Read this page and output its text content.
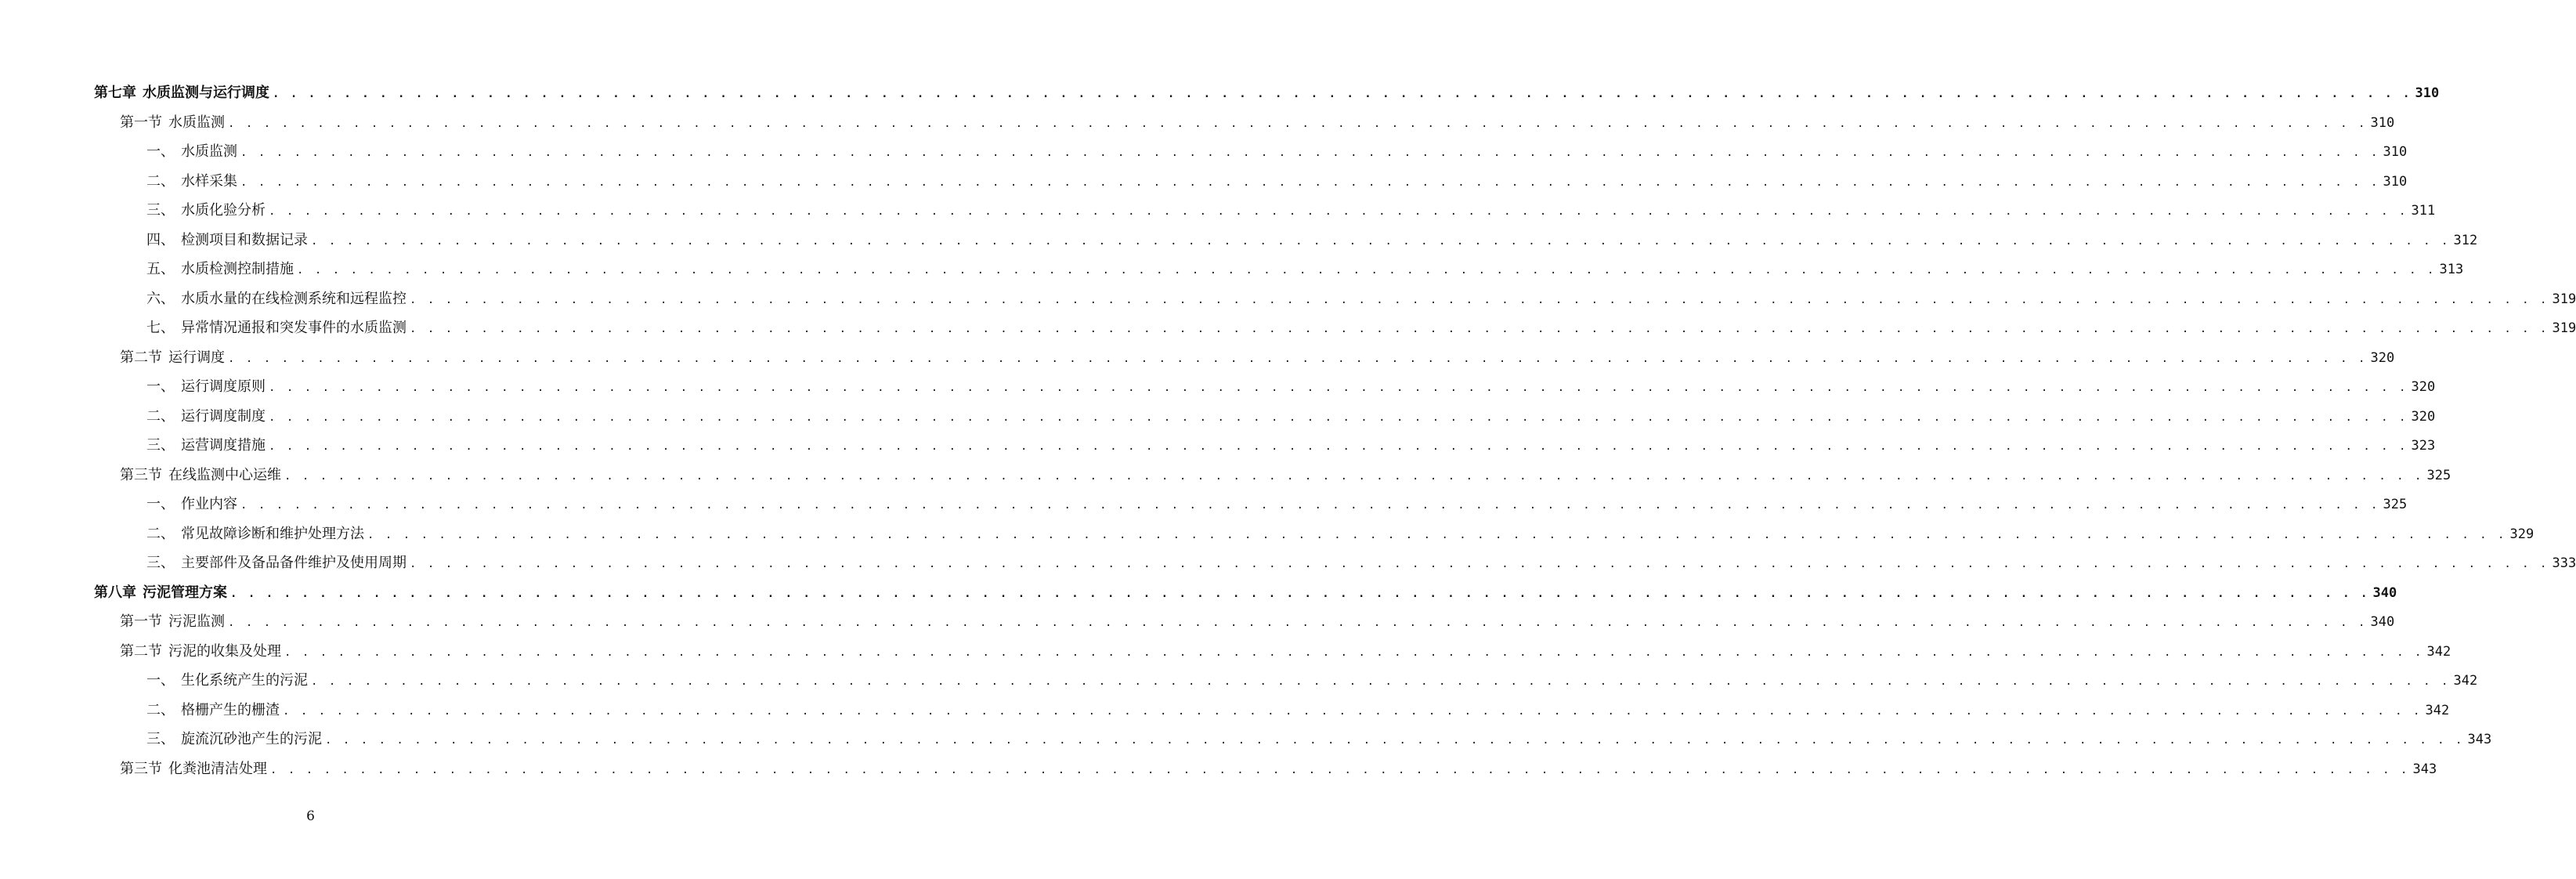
第七章 水质监测与运行调度 . . . . . . . . . . . . . . . . . . . . . . . . . . . . . . . . . . . . . . . . . . . . . . . . . . . . . . . . . . . . . . . . . . . . . . . . . . . . . . . . . . . . . . . . . . . . . . . . . . . . . . . . . . . . . . . . . . . . . . . . 310
第一节 水质监测 . . . . . . . . . . . . . . . . . . . . . . . . . . . . . . . . . . . . . . . . . . . . . . . . . . . . . . . . . . . . . . . . . . . . . . . . . . . . . . . . . . . . . . . . . . . . . . . . . . . . . . . . . . . . . . . . . . . . . . . . 310
一、 水质监测 . . . . . . . . . . . . . . . . . . . . . . . . . . . . . . . . . . . . . . . . . . . . . . . . . . . . . . . . . . . . . . . . . . . . . . . . . . . . . . . . . . . . . . . . . . . . . . . . . . . . . . . . . . . . . . . . . . . . . . . . 310
二、 水样采集 . . . . . . . . . . . . . . . . . . . . . . . . . . . . . . . . . . . . . . . . . . . . . . . . . . . . . . . . . . . . . . . . . . . . . . . . . . . . . . . . . . . . . . . . . . . . . . . . . . . . . . . . . . . . . . . . . . . . . . . . 310
三、 水质化验分析 . . . . . . . . . . . . . . . . . . . . . . . . . . . . . . . . . . . . . . . . . . . . . . . . . . . . . . . . . . . . . . . . . . . . . . . . . . . . . . . . . . . . . . . . . . . . . . . . . . . . . . . . . . . . . . . . . . . . . . . . 311
四、 检测项目和数据记录 . . . . . . . . . . . . . . . . . . . . . . . . . . . . . . . . . . . . . . . . . . . . . . . . . . . . . . . . . . . . . . . . . . . . . . . . . . . . . . . . . . . . . . . . . . . . . . . . . . . . . . . . . . . . . . . . . . . . . . . . 312
五、 水质检测控制措施 . . . . . . . . . . . . . . . . . . . . . . . . . . . . . . . . . . . . . . . . . . . . . . . . . . . . . . . . . . . . . . . . . . . . . . . . . . . . . . . . . . . . . . . . . . . . . . . . . . . . . . . . . . . . . . . . . . . . . . . . 313
六、 水质水量的在线检测系统和远程监控 . . . . . . . . . . . . . . . . . . . . . . . . . . . . . . . . . . . . . . . . . . . . . . . . . . . . . . . . . . . . . . . . . . . . . . . . . . . . . . . . . . . . . . . . . . . . . . . . . . . . . . . . . . . . . . . . . . . . . . . . 319
七、 异常情况通报和突发事件的水质监测 . . . . . . . . . . . . . . . . . . . . . . . . . . . . . . . . . . . . . . . . . . . . . . . . . . . . . . . . . . . . . . . . . . . . . . . . . . . . . . . . . . . . . . . . . . . . . . . . . . . . . . . . . . . . . . . . . . . . . . . . 319
第二节 运行调度 . . . . . . . . . . . . . . . . . . . . . . . . . . . . . . . . . . . . . . . . . . . . . . . . . . . . . . . . . . . . . . . . . . . . . . . . . . . . . . . . . . . . . . . . . . . . . . . . . . . . . . . . . . . . . . . . . . . . . . . . 320
一、 运行调度原则 . . . . . . . . . . . . . . . . . . . . . . . . . . . . . . . . . . . . . . . . . . . . . . . . . . . . . . . . . . . . . . . . . . . . . . . . . . . . . . . . . . . . . . . . . . . . . . . . . . . . . . . . . . . . . . . . . . . . . . . . 320
二、 运行调度制度 . . . . . . . . . . . . . . . . . . . . . . . . . . . . . . . . . . . . . . . . . . . . . . . . . . . . . . . . . . . . . . . . . . . . . . . . . . . . . . . . . . . . . . . . . . . . . . . . . . . . . . . . . . . . . . . . . . . . . . . . 320
三、 运营调度措施 . . . . . . . . . . . . . . . . . . . . . . . . . . . . . . . . . . . . . . . . . . . . . . . . . . . . . . . . . . . . . . . . . . . . . . . . . . . . . . . . . . . . . . . . . . . . . . . . . . . . . . . . . . . . . . . . . . . . . . . . 323
第三节 在线监测中心运维 . . . . . . . . . . . . . . . . . . . . . . . . . . . . . . . . . . . . . . . . . . . . . . . . . . . . . . . . . . . . . . . . . . . . . . . . . . . . . . . . . . . . . . . . . . . . . . . . . . . . . . . . . . . . . . . . . . . . . . . . 325
一、 作业内容 . . . . . . . . . . . . . . . . . . . . . . . . . . . . . . . . . . . . . . . . . . . . . . . . . . . . . . . . . . . . . . . . . . . . . . . . . . . . . . . . . . . . . . . . . . . . . . . . . . . . . . . . . . . . . . . . . . . . . . . . 325
二、 常见故障诊断和维护处理方法 . . . . . . . . . . . . . . . . . . . . . . . . . . . . . . . . . . . . . . . . . . . . . . . . . . . . . . . . . . . . . . . . . . . . . . . . . . . . . . . . . . . . . . . . . . . . . . . . . . . . . . . . . . . . . . . . . . . . . . . . 329
三、 主要部件及备品备件维护及使用周期 . . . . . . . . . . . . . . . . . . . . . . . . . . . . . . . . . . . . . . . . . . . . . . . . . . . . . . . . . . . . . . . . . . . . . . . . . . . . . . . . . . . . . . . . . . . . . . . . . . . . . . . . . . . . . . . . . . . . . . . . 333
第八章 污泥管理方案 . . . . . . . . . . . . . . . . . . . . . . . . . . . . . . . . . . . . . . . . . . . . . . . . . . . . . . . . . . . . . . . . . . . . . . . . . . . . . . . . . . . . . . . . . . . . . . . . . . . . . . . . . . . . . . . . . . . . . . . . 340
第一节 污泥监测 . . . . . . . . . . . . . . . . . . . . . . . . . . . . . . . . . . . . . . . . . . . . . . . . . . . . . . . . . . . . . . . . . . . . . . . . . . . . . . . . . . . . . . . . . . . . . . . . . . . . . . . . . . . . . . . . . . . . . . . . 340
第二节 污泥的收集及处理 . . . . . . . . . . . . . . . . . . . . . . . . . . . . . . . . . . . . . . . . . . . . . . . . . . . . . . . . . . . . . . . . . . . . . . . . . . . . . . . . . . . . . . . . . . . . . . . . . . . . . . . . . . . . . . . . . . . . . . . . 342
一、 生化系统产生的污泥 . . . . . . . . . . . . . . . . . . . . . . . . . . . . . . . . . . . . . . . . . . . . . . . . . . . . . . . . . . . . . . . . . . . . . . . . . . . . . . . . . . . . . . . . . . . . . . . . . . . . . . . . . . . . . . . . . . . . . . . . 342
二、 格栅产生的栅渣 . . . . . . . . . . . . . . . . . . . . . . . . . . . . . . . . . . . . . . . . . . . . . . . . . . . . . . . . . . . . . . . . . . . . . . . . . . . . . . . . . . . . . . . . . . . . . . . . . . . . . . . . . . . . . . . . . . . . . . . . 342
三、 旋流沉砂池产生的污泥 . . . . . . . . . . . . . . . . . . . . . . . . . . . . . . . . . . . . . . . . . . . . . . . . . . . . . . . . . . . . . . . . . . . . . . . . . . . . . . . . . . . . . . . . . . . . . . . . . . . . . . . . . . . . . . . . . . . . . . . . 343
第三节 化粪池清洁处理 . . . . . . . . . . . . . . . . . . . . . . . . . . . . . . . . . . . . . . . . . . . . . . . . . . . . . . . . . . . . . . . . . . . . . . . . . . . . . . . . . . . . . . . . . . . . . . . . . . . . . . . . . . . . . . . . . . . . . . . . 343
6
